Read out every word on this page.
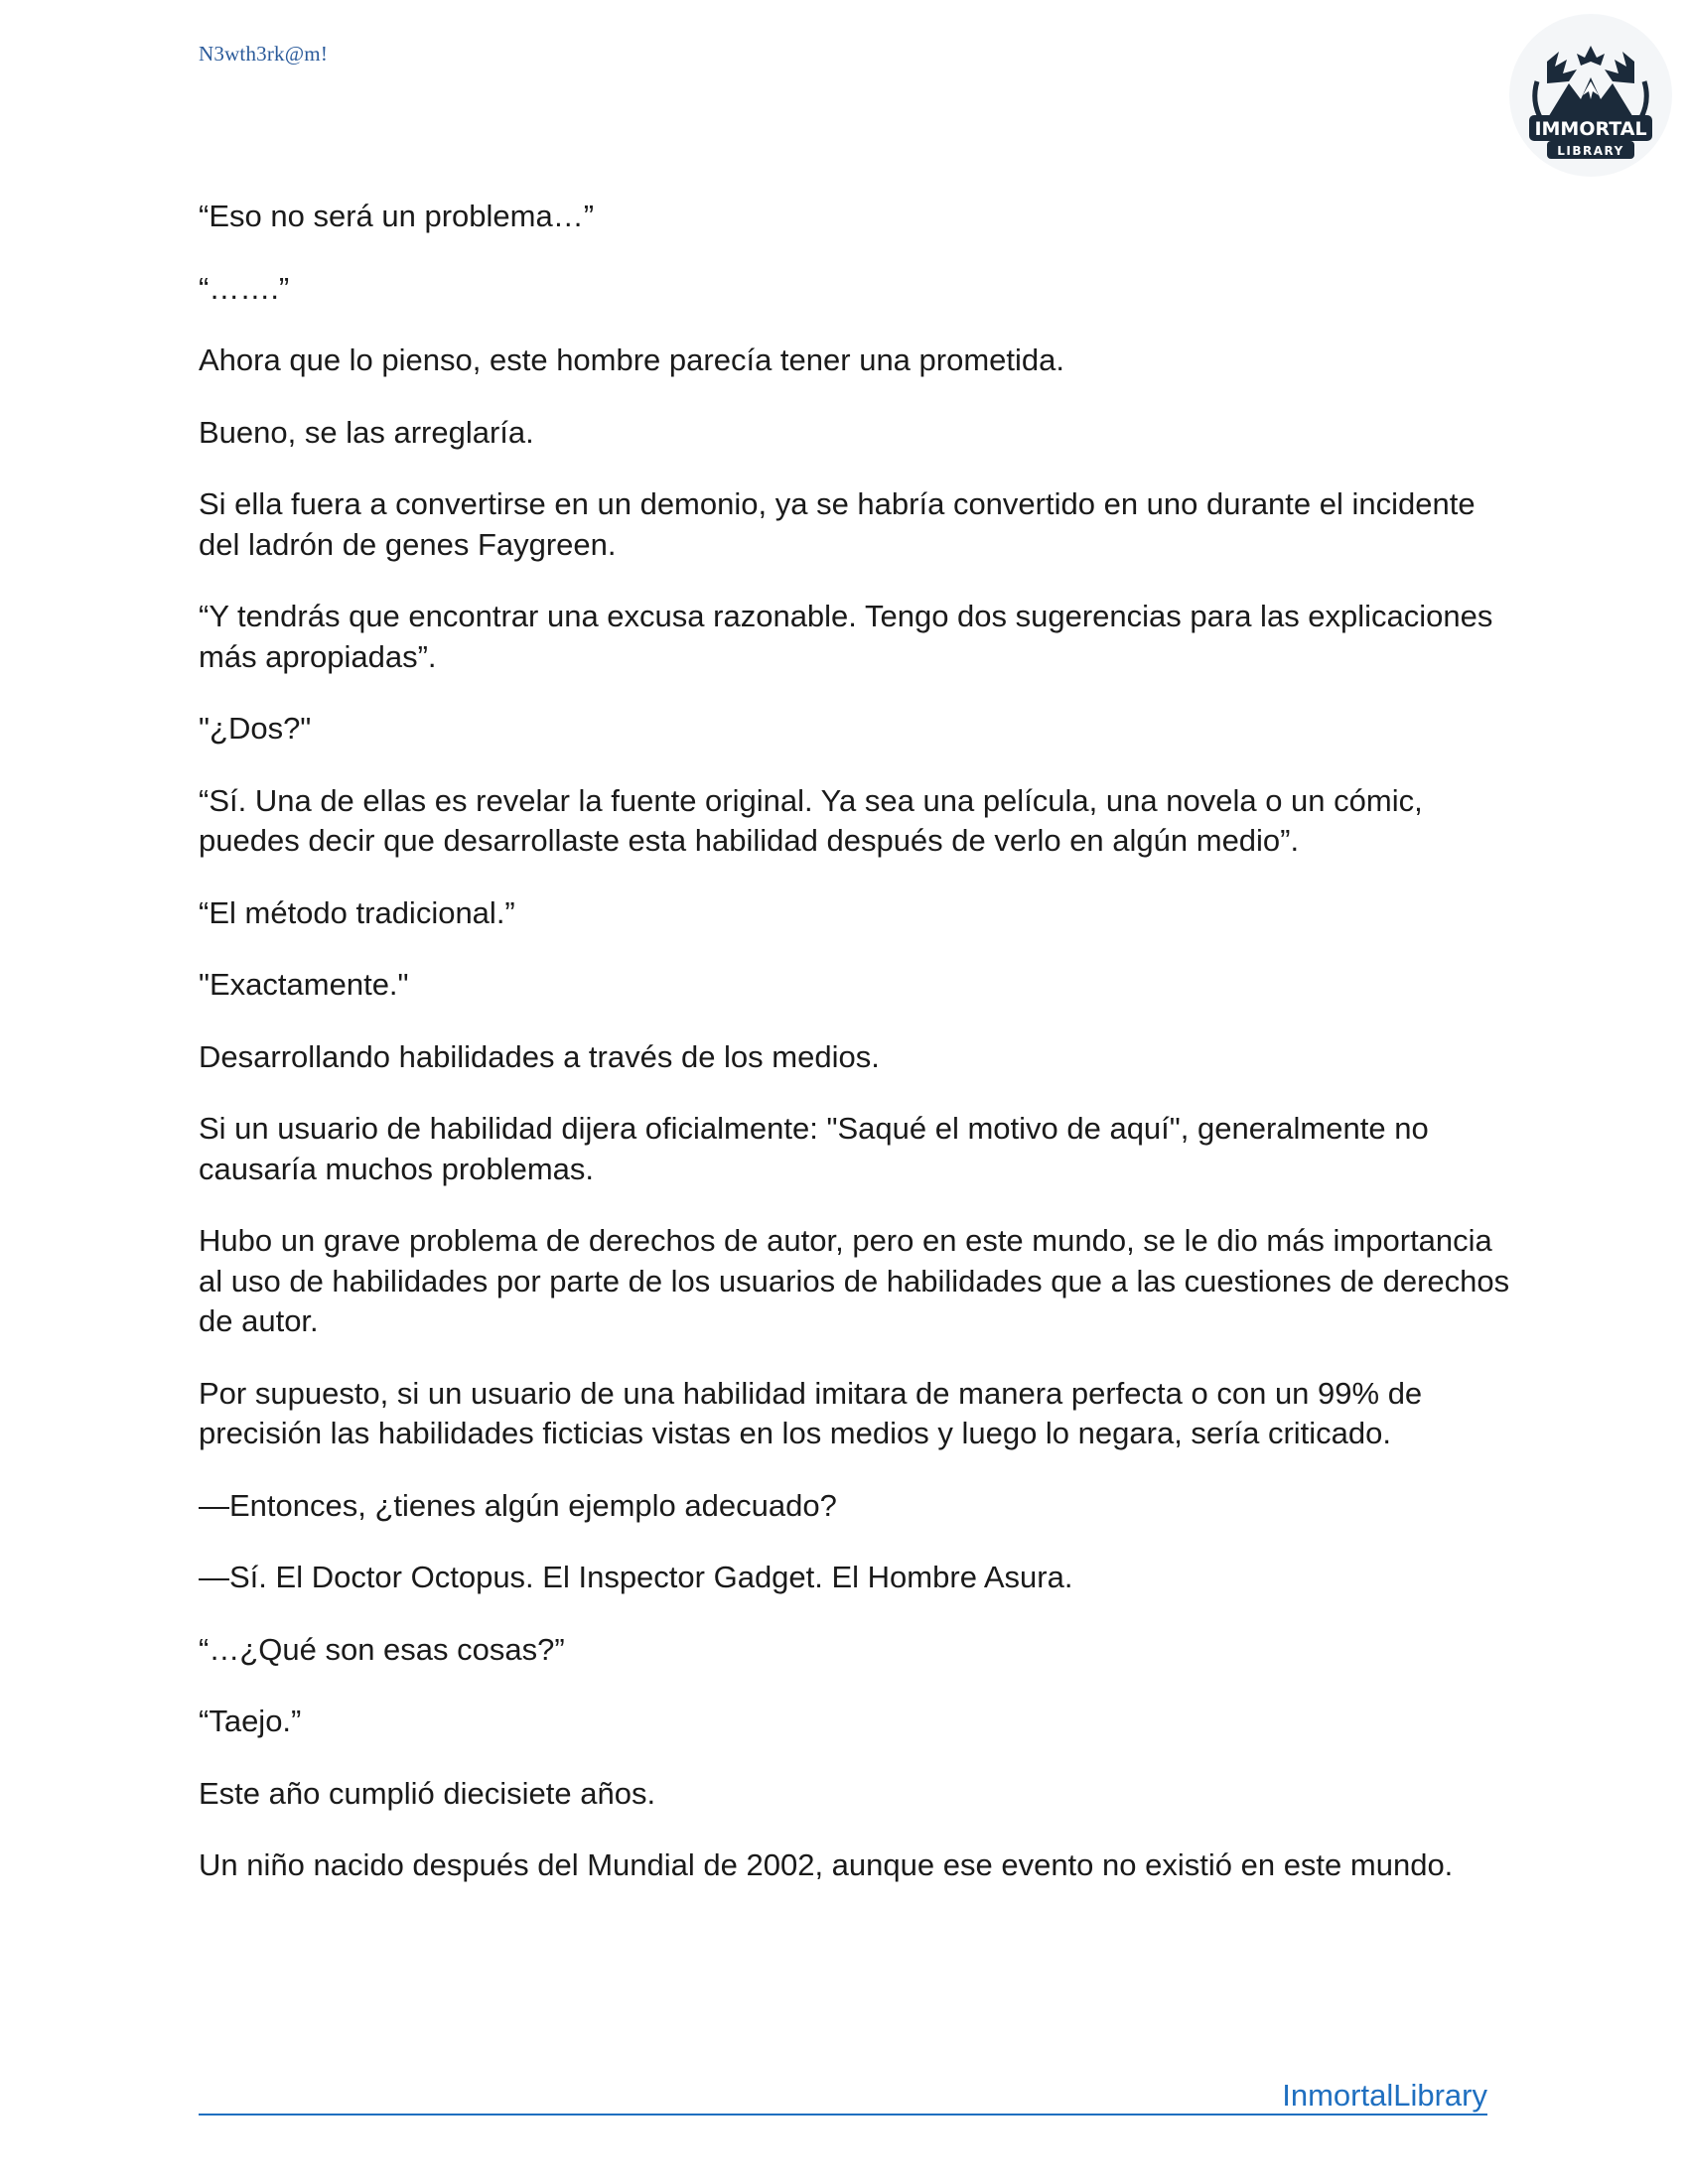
N3wth3rk@m!
IMMORTAL
LIBRARY

“Eso no será un problema…”

“…….”

Ahora que lo pienso, este hombre parecía tener una prometida.

Bueno, se las arreglaría.

Si ella fuera a convertirse en un demonio, ya se habría convertido en uno durante el incidente del ladrón de genes Faygreen.

“Y tendrás que encontrar una excusa razonable. Tengo dos sugerencias para las explicaciones más apropiadas”.

"¿Dos?"

“Sí. Una de ellas es revelar la fuente original. Ya sea una película, una novela o un cómic, puedes decir que desarrollaste esta habilidad después de verlo en algún medio”.

“El método tradicional.”

"Exactamente."

Desarrollando habilidades a través de los medios.

Si un usuario de habilidad dijera oficialmente: "Saqué el motivo de aquí", generalmente no causaría muchos problemas.

Hubo un grave problema de derechos de autor, pero en este mundo, se le dio más importancia al uso de habilidades por parte de los usuarios de habilidades que a las cuestiones de derechos de autor.

Por supuesto, si un usuario de una habilidad imitara de manera perfecta o con un 99% de precisión las habilidades ficticias vistas en los medios y luego lo negara, sería criticado.

—Entonces, ¿tienes algún ejemplo adecuado?

—Sí. El Doctor Octopus. El Inspector Gadget. El Hombre Asura.

“…¿Qué son esas cosas?”

“Taejo.”

Este año cumplió diecisiete años.

Un niño nacido después del Mundial de 2002, aunque ese evento no existió en este mundo.

InmortalLibrary
